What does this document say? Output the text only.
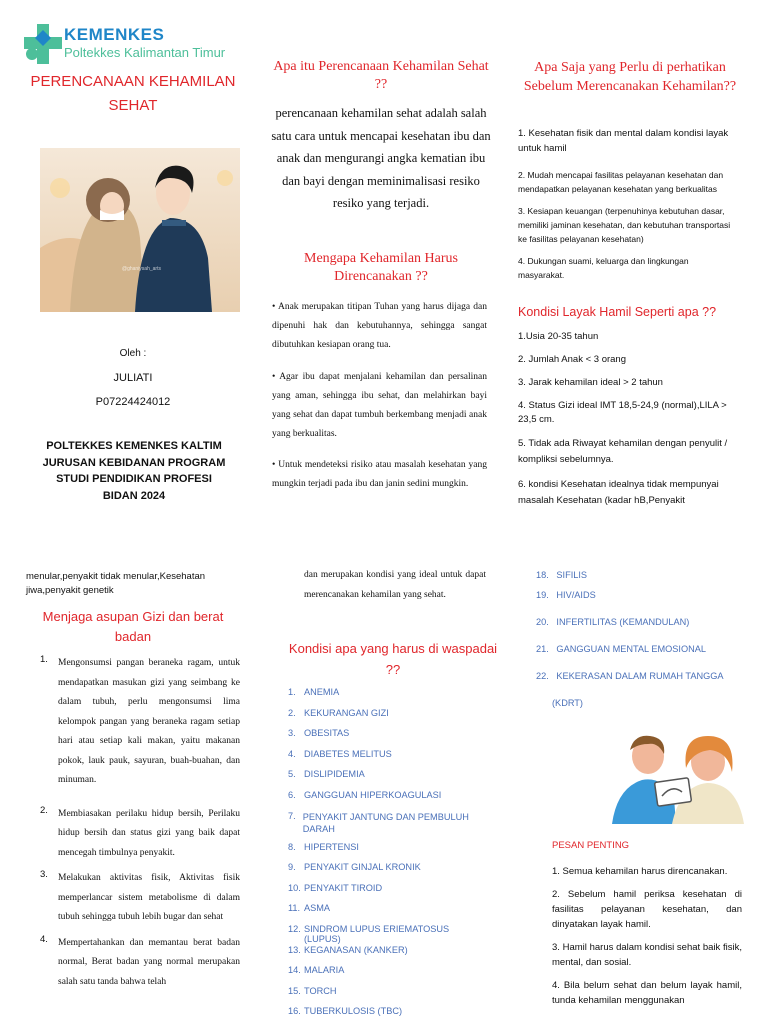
KEMENKES
Poltekkes Kalimantan Timur
PERENCANAAN KEHAMILAN SEHAT
@ghaniysah_arts
Oleh :
JULIATI
P07224424012
POLTEKKES KEMENKES KALTIM JURUSAN KEBIDANAN PROGRAM STUDI PENDIDIKAN PROFESI BIDAN 2024
Apa itu Perencanaan Kehamilan Sehat ??
perencanaan kehamilan sehat adalah salah satu cara untuk mencapai kesehatan ibu dan anak dan mengurangi angka kematian ibu dan bayi dengan meminimalisasi resiko resiko yang terjadi.
Mengapa Kehamilan Harus Direncanakan ??
• Anak merupakan titipan Tuhan yang harus dijaga dan dipenuhi hak dan kebutuhannya, sehingga sangat dibutuhkan kesiapan orang tua.
• Agar ibu dapat menjalani kehamilan dan persalinan yang aman, sehingga ibu sehat, dan melahirkan bayi yang sehat dan dapat tumbuh berkembang menjadi anak yang berkualitas.
• Untuk mendeteksi risiko atau masalah kesehatan yang mungkin terjadi pada ibu dan janin sedini mungkin.
Apa Saja yang Perlu di perhatikan Sebelum Merencanakan Kehamilan??
1. Kesehatan fisik dan mental dalam kondisi layak untuk hamil
2. Mudah mencapai fasilitas pelayanan kesehatan dan mendapatkan pelayanan kesehatan yang berkualitas
3. Kesiapan keuangan (terpenuhinya kebutuhan dasar, memiliki jaminan kesehatan, dan kebutuhan transportasi ke fasilitas pelayanan kesehatan)
4. Dukungan suami, keluarga dan lingkungan masyarakat.
Kondisi Layak Hamil Seperti apa ??
1.Usia 20-35 tahun
2. Jumlah Anak < 3 orang
3. Jarak kehamilan ideal > 2 tahun
4. Status Gizi ideal IMT 18,5-24,9 (normal),LILA > 23,5 cm.
5. Tidak ada Riwayat kehamilan dengan penyulit / kompliksi sebelumnya.
6. kondisi Kesehatan idealnya tidak mempunyai masalah Kesehatan (kadar hB,Penyakit
menular,penyakit tidak menular,Kesehatan jiwa,penyakit genetik
Menjaga asupan Gizi dan berat badan
1. Mengonsumsi pangan beraneka ragam, untuk mendapatkan masukan gizi yang seimbang ke dalam tubuh, perlu mengonsumsi lima kelompok pangan yang beraneka ragam setiap hari atau setiap kali makan, yaitu makanan pokok, lauk pauk, sayuran, buah-buahan, dan minuman.
2. Membiasakan perilaku hidup bersih, Perilaku hidup bersih dan status gizi yang baik dapat mencegah timbulnya penyakit.
3. Melakukan aktivitas fisik, Aktivitas fisik memperlancar sistem metabolisme di dalam tubuh sehingga tubuh lebih bugar dan sehat
4. Mempertahankan dan memantau berat badan normal, Berat badan yang normal merupakan salah satu tanda bahwa telah
dan merupakan kondisi yang ideal untuk dapat merencanakan kehamilan yang sehat.
Kondisi apa yang harus di waspadai ??
1. ANEMIA
2. KEKURANGAN GIZI
3. OBESITAS
4. DIABETES MELITUS
5. DISLIPIDEMIA
6. GANGGUAN HIPERKOAGULASI
7. PENYAKIT JANTUNG DAN PEMBULUH DARAH
8. HIPERTENSI
9. PENYAKIT GINJAL KRONIK
10. PENYAKIT TIROID
11. ASMA
12. SINDROM LUPUS ERIEMATOSUS (LUPUS)
13. KEGANASAN (KANKER)
14. MALARIA
15. TORCH
16. TUBERKULOSIS (TBC)
18.	SIFILIS
19.	HIV/AIDS
20.	INFERTILITAS (KEMANDULAN)
21.	GANGGUAN MENTAL EMOSIONAL
22.	KEKERASAN DALAM RUMAH TANGGA
(KDRT)
PESAN PENTING
1. Semua kehamilan harus direncanakan.
2. Sebelum hamil periksa kesehatan di fasilitas pelayanan kesehatan, dan dinyatakan layak hamil.
3. Hamil harus dalam kondisi sehat baik fisik, mental, dan sosial.
4. Bila belum sehat dan belum layak hamil, tunda kehamilan menggunakan
